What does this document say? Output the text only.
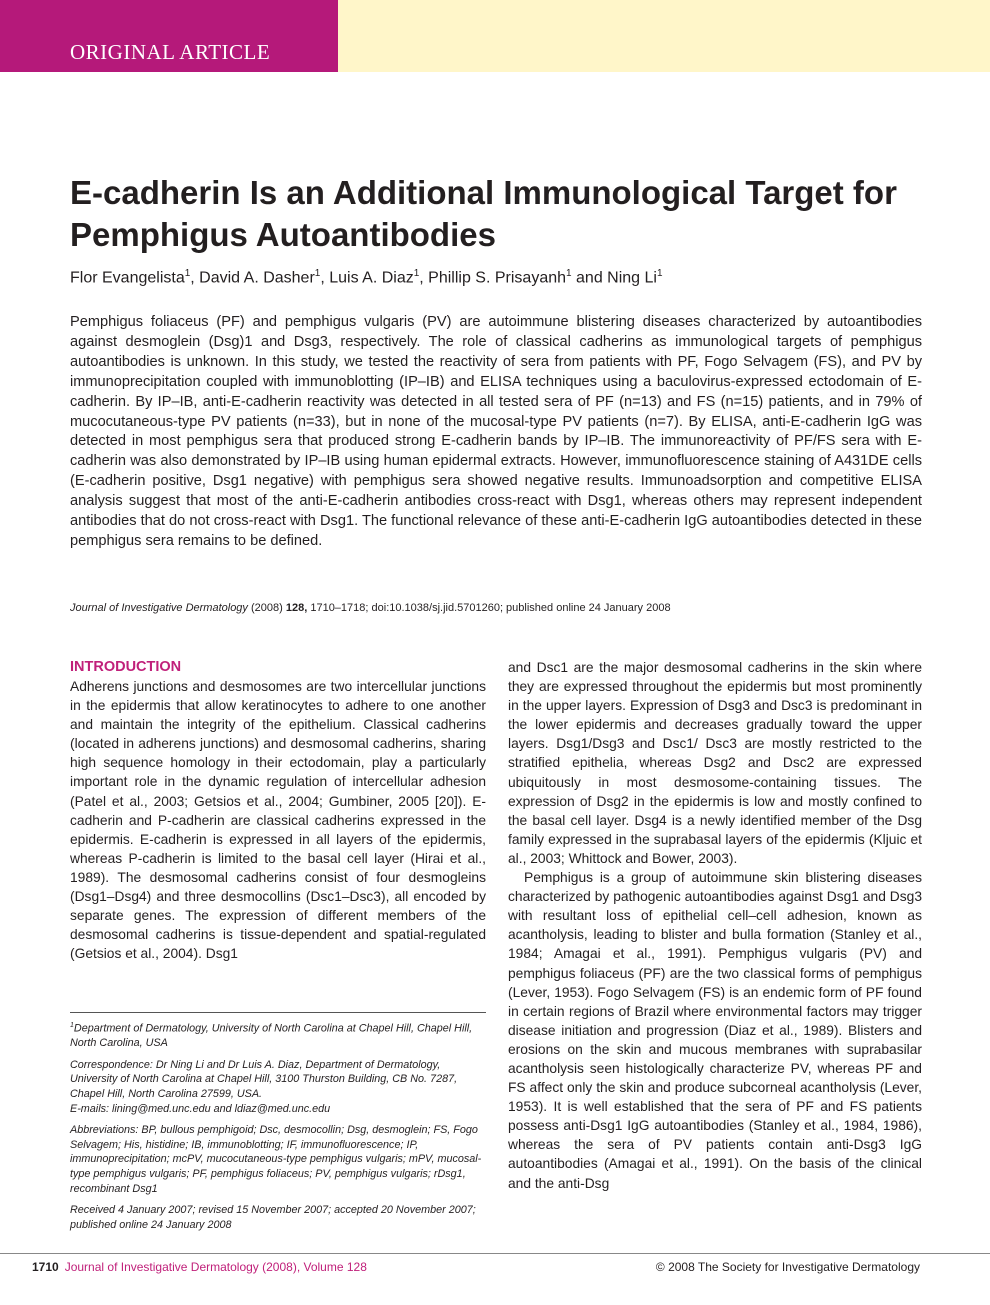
ORIGINAL ARTICLE
E-cadherin Is an Additional Immunological Target for Pemphigus Autoantibodies
Flor Evangelista$^1$, David A. Dasher$^1$, Luis A. Diaz$^1$, Phillip S. Prisayanh$^1$ and Ning Li$^1$

Pemphigus foliaceus (PF) and pemphigus vulgaris (PV) are autoimmune blistering diseases characterized by autoantibodies against desmoglein (Dsg)1 and Dsg3, respectively. The role of classical cadherins as immunological targets of pemphigus autoantibodies is unknown. In this study, we tested the reactivity of sera from patients with PF, Fogo Selvagem (FS), and PV by immunoprecipitation coupled with immunoblotting (IP–IB) and ELISA techniques using a baculovirus-expressed ectodomain of E-cadherin. By IP–IB, anti-E-cadherin reactivity was detected in all tested sera of PF (n=13) and FS (n=15) patients, and in 79% of mucocutaneous-type PV patients (n=33), but in none of the mucosal-type PV patients (n=7). By ELISA, anti-E-cadherin IgG was detected in most pemphigus sera that produced strong E-cadherin bands by IP–IB. The immunoreactivity of PF/FS sera with E-cadherin was also demonstrated by IP–IB using human epidermal extracts. However, immunofluorescence staining of A431DE cells (E-cadherin positive, Dsg1 negative) with pemphigus sera showed negative results. Immunoadsorption and competitive ELISA analysis suggest that most of the anti-E-cadherin antibodies cross-react with Dsg1, whereas others may represent independent antibodies that do not cross-react with Dsg1. The functional relevance of these anti-E-cadherin IgG autoantibodies detected in these pemphigus sera remains to be defined.

Journal of Investigative Dermatology (2008) 128, 1710–1718; doi:10.1038/sj.jid.5701260; published online 24 January 2008

INTRODUCTION

Adherens junctions and desmosomes are two intercellular junctions in the epidermis that allow keratinocytes to adhere to one another and maintain the integrity of the epithelium. Classical cadherins (located in adherens junctions) and desmosomal cadherins, sharing high sequence homology in their ectodomain, play a particularly important role in the dynamic regulation of intercellular adhesion (Patel et al., 2003; Getsios et al., 2004; Gumbiner, 2005 [20]). E-cadherin and P-cadherin are classical cadherins expressed in the epidermis. E-cadherin is expressed in all layers of the epidermis, whereas P-cadherin is limited to the basal cell layer (Hirai et al., 1989). The desmosomal cadherins consist of four desmogleins (Dsg1–Dsg4) and three desmocollins (Dsc1–Dsc3), all encoded by separate genes. The expression of different members of the desmosomal cadherins is tissue-dependent and spatial-regulated (Getsios et al., 2004). Dsg1

and Dsc1 are the major desmosomal cadherins in the skin where they are expressed throughout the epidermis but most prominently in the upper layers. Expression of Dsg3 and Dsc3 is predominant in the lower epidermis and decreases gradually toward the upper layers. Dsg1/Dsg3 and Dsc1/ Dsc3 are mostly restricted to the stratified epithelia, whereas Dsg2 and Dsc2 are expressed ubiquitously in most desmosome-containing tissues. The expression of Dsg2 in the epidermis is low and mostly confined to the basal cell layer. Dsg4 is a newly identified member of the Dsg family expressed in the suprabasal layers of the epidermis (Kljuic et al., 2003; Whittock and Bower, 2003).

Pemphigus is a group of autoimmune skin blistering diseases characterized by pathogenic autoantibodies against Dsg1 and Dsg3 with resultant loss of epithelial cell–cell adhesion, known as acantholysis, leading to blister and bulla formation (Stanley et al., 1984; Amagai et al., 1991). Pemphigus vulgaris (PV) and pemphigus foliaceus (PF) are the two classical forms of pemphigus (Lever, 1953). Fogo Selvagem (FS) is an endemic form of PF found in certain regions of Brazil where environmental factors may trigger disease initiation and progression (Diaz et al., 1989). Blisters and erosions on the skin and mucous membranes with suprabasilar acantholysis seen histologically characterize PV, whereas PF and FS affect only the skin and produce subcorneal acantholysis (Lever, 1953). It is well established that the sera of PF and FS patients possess anti-Dsg1 IgG autoantibodies (Stanley et al., 1984, 1986), whereas the sera of PV patients contain anti-Dsg3 IgG autoantibodies (Amagai et al., 1991). On the basis of the clinical and the anti-Dsg

$^1$Department of Dermatology, University of North Carolina at Chapel Hill, Chapel Hill, North Carolina, USA

Correspondence: Dr Ning Li and Dr Luis A. Diaz, Department of Dermatology, University of North Carolina at Chapel Hill, 3100 Thurston Building, CB No. 7287, Chapel Hill, North Carolina 27599, USA.
E-mails: lining@med.unc.edu and ldiaz@med.unc.edu

Abbreviations: BP, bullous pemphigoid; Dsc, desmocollin; Dsg, desmoglein; FS, Fogo Selvagem; His, histidine; IB, immunoblotting; IF, immunofluorescence; IP, immunoprecipitation; mcPV, mucocutaneous-type pemphigus vulgaris; mPV, mucosal-type pemphigus vulgaris; PF, pemphigus foliaceus; PV, pemphigus vulgaris; rDsg1, recombinant Dsg1

Received 4 January 2007; revised 15 November 2007; accepted 20 November 2007; published online 24 January 2008

1710 Journal of Investigative Dermatology (2008), Volume 128	© 2008 The Society for Investigative Dermatology
